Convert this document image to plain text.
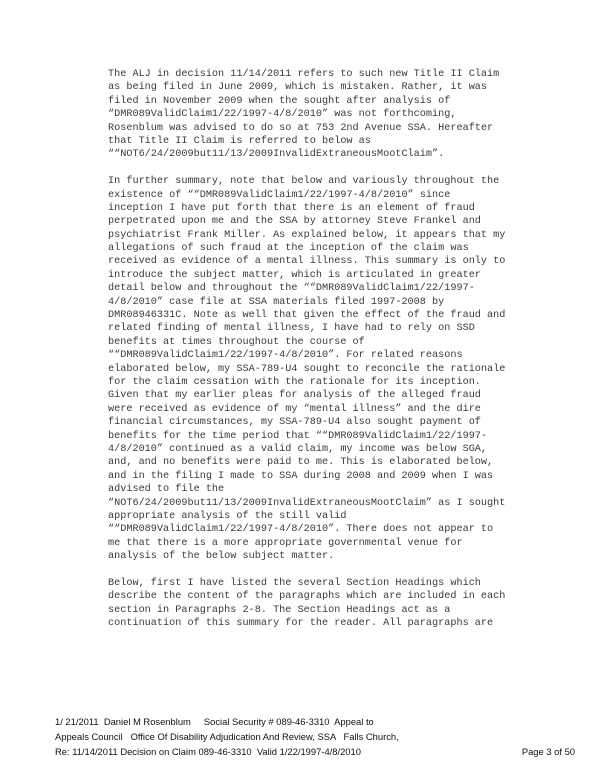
The ALJ in decision 11/14/2011 refers to such new Title II Claim
as being filed in June 2009, which is mistaken. Rather, it was
filed in November 2009 when the sought after analysis of
“DMR089ValidClaim1/22/1997-4/8/2010” was not forthcoming,
Rosenblum was advised to do so at 753 2nd Avenue SSA. Hereafter
that Title II Claim is referred to below as
““NOT6/24/2009but11/13/2009InvalidExtraneousMootClaim”.
In further summary, note that below and variously throughout the
existence of ““DMR089ValidClaim1/22/1997-4/8/2010” since
inception I have put forth that there is an element of fraud
perpetrated upon me and the SSA by attorney Steve Frankel and
psychiatrist Frank Miller. As explained below, it appears that my
allegations of such fraud at the inception of the claim was
received as evidence of a mental illness. This summary is only to
introduce the subject matter, which is articulated in greater
detail below and throughout the ““DMR089ValidClaim1/22/1997-
4/8/2010” case file at SSA materials filed 1997-2008 by
DMR08946331C. Note as well that given the effect of the fraud and
related finding of mental illness, I have had to rely on SSD
benefits at times throughout the course of
““DMR089ValidClaim1/22/1997-4/8/2010”. For related reasons
elaborated below, my SSA-789-U4 sought to reconcile the rationale
for the claim cessation with the rationale for its inception.
Given that my earlier pleas for analysis of the alleged fraud
were received as evidence of my “mental illness” and the dire
financial circumstances, my SSA-789-U4 also sought payment of
benefits for the time period that ““DMR089ValidClaim1/22/1997-
4/8/2010” continued as a valid claim, my income was below SGA,
and, and no benefits were paid to me. This is elaborated below,
and in the filing I made to SSA during 2008 and 2009 when I was
advised to file the
“NOT6/24/2009but11/13/2009InvalidExtraneousMootClaim” as I sought
appropriate analysis of the still valid
““DMR089ValidClaim1/22/1997-4/8/2010”. There does not appear to
me that there is a more appropriate governmental venue for
analysis of the below subject matter.
Below, first I have listed the several Section Headings which
describe the content of the paragraphs which are included in each
section in Paragraphs 2-8. The Section Headings act as a
continuation of this summary for the reader. All paragraphs are
1/ 21/2011  Daniel M Rosenblum     Social Security # 089-46-3310  Appeal to
Appeals Council   Office Of Disability Adjudication And Review, SSA   Falls Church,
Re: 11/14/2011 Decision on Claim 089-46-3310  Valid 1/22/1997-4/8/2010	Page 3 of 50
